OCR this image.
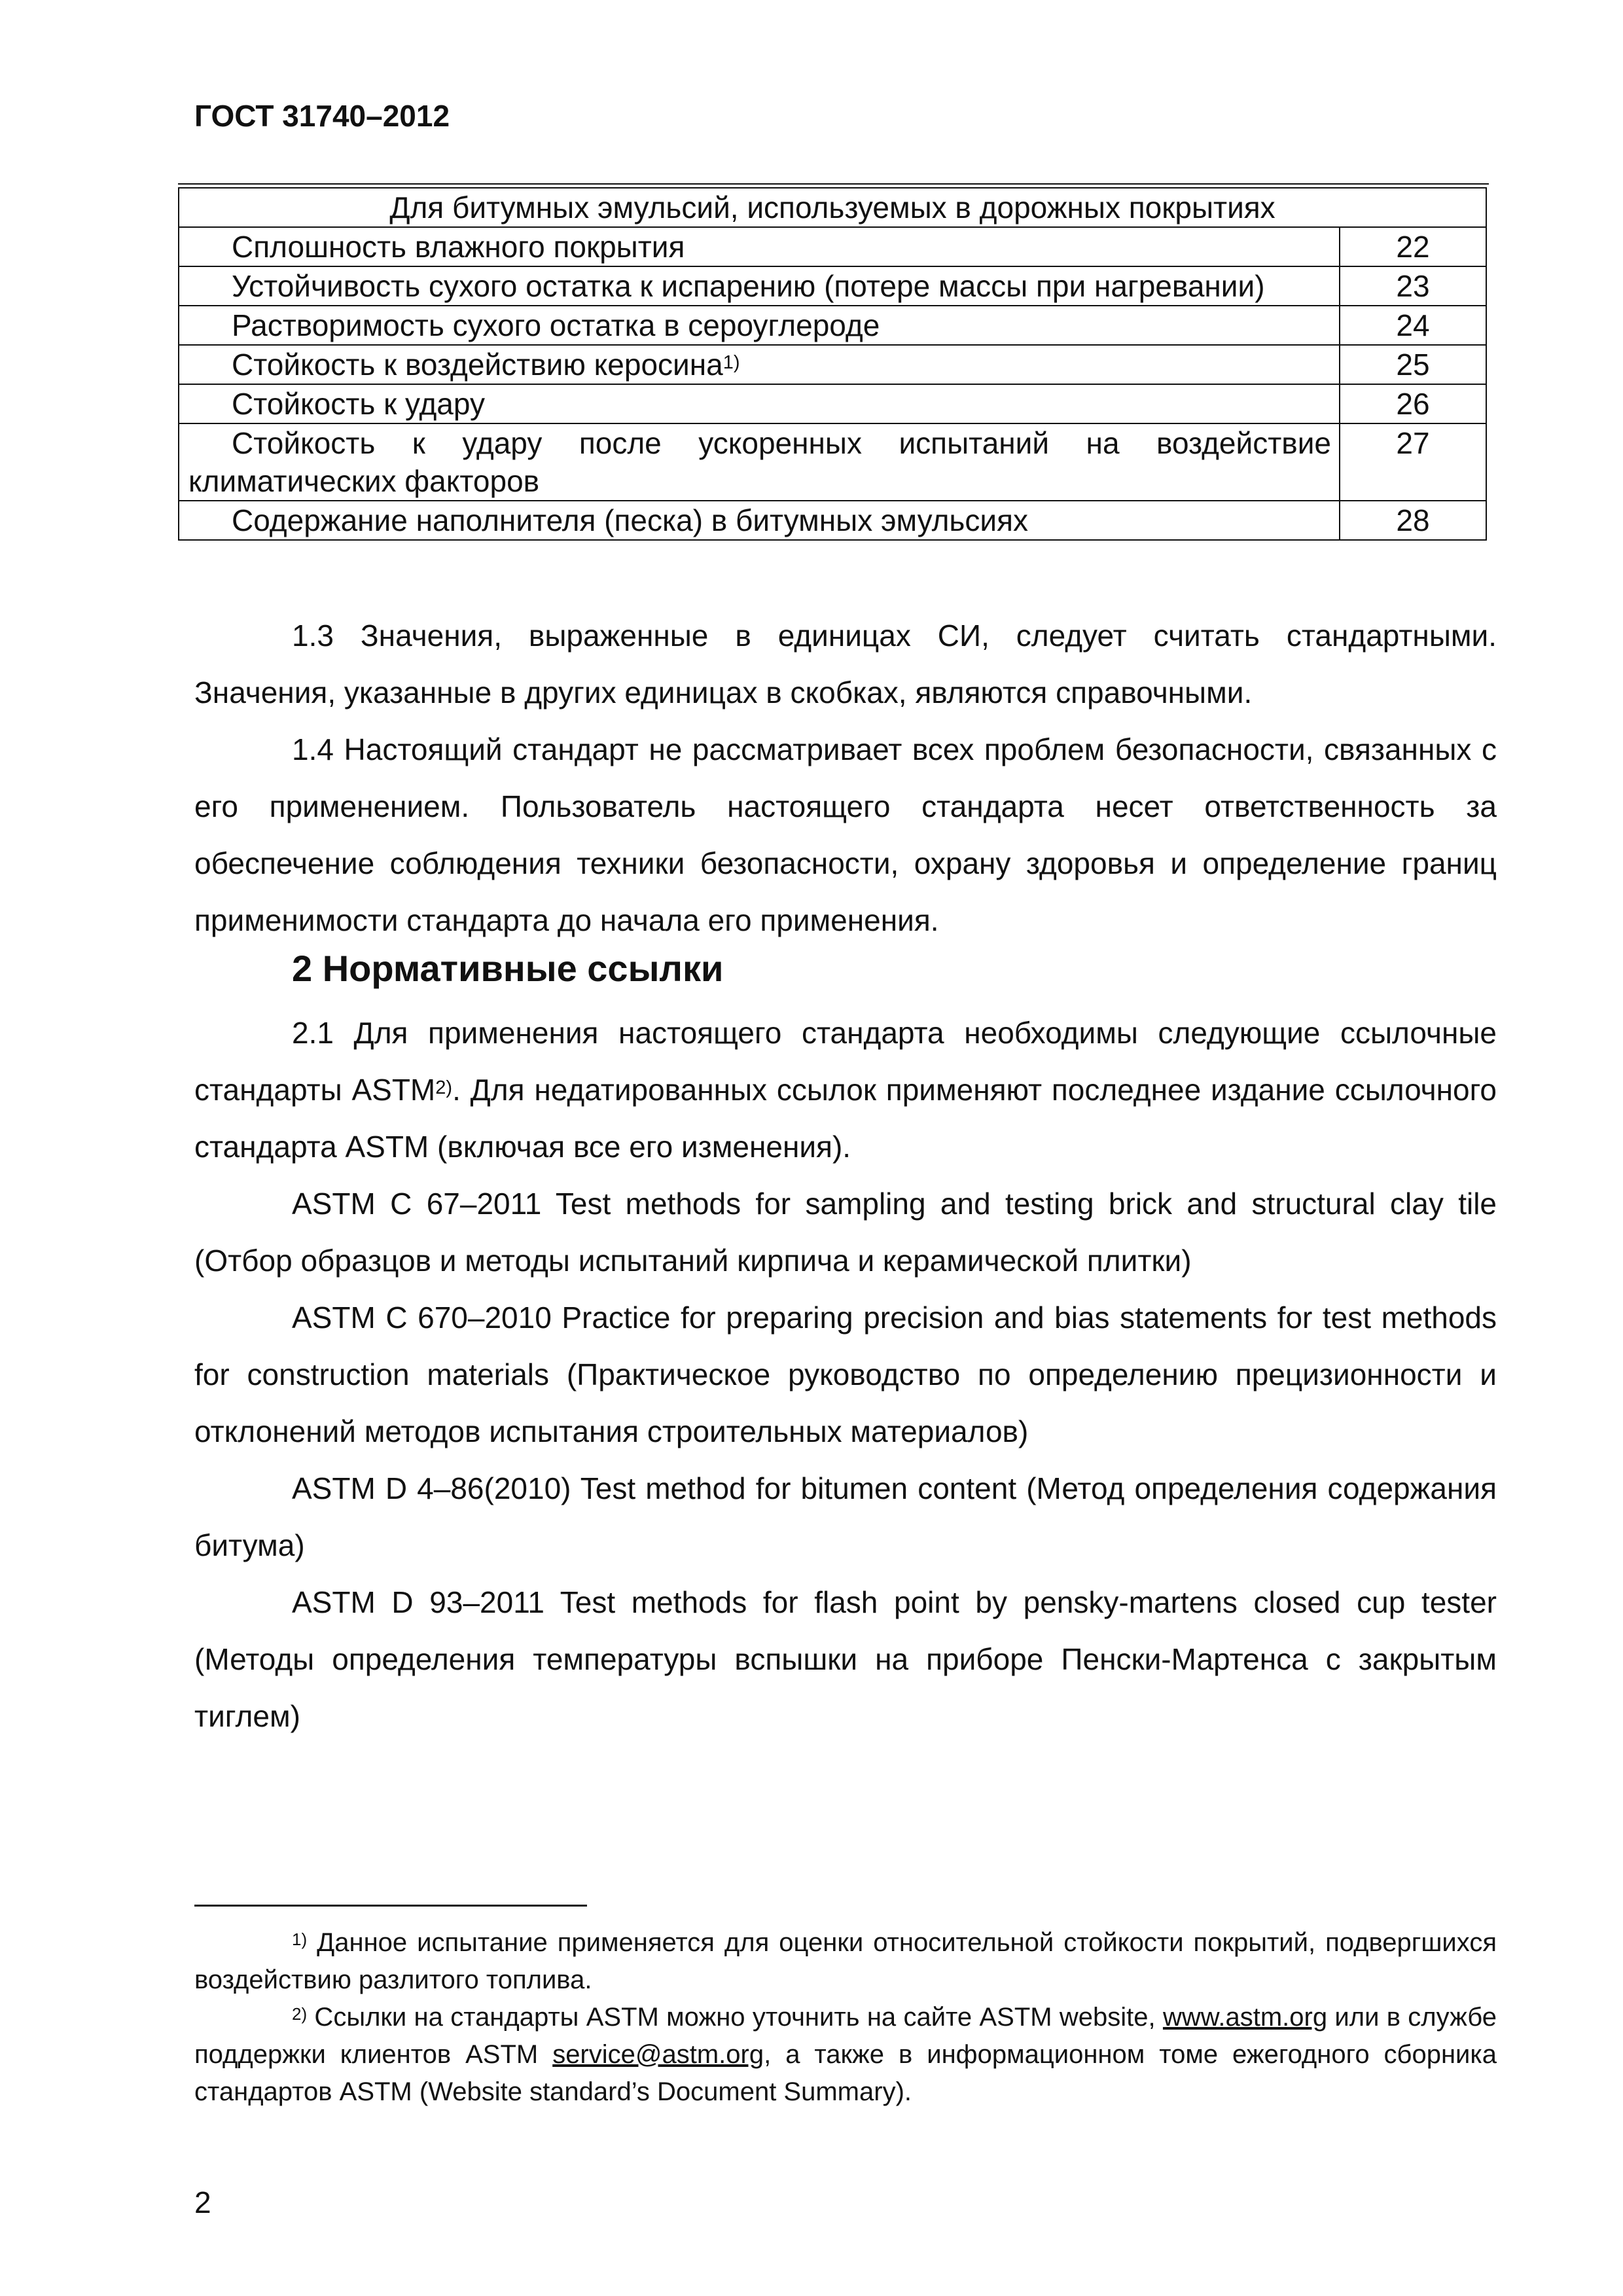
ГОСТ 31740–2012
Для битумных эмульсий, используемых в дорожных покрытиях	
Сплошность влажного покрытия	22
Устойчивость сухого остатка к испарению (потере массы при нагревании)	23
Растворимость сухого остатка в сероуглероде	24
Стойкость к воздействию керосина$^{1)}$	25
Стойкость к удару	26
Стойкость к удару после ускоренных испытаний на воздействие климатических факторов	27
Содержание наполнителя (песка) в битумных эмульсиях	28

1.3 Значения, выраженные в единицах СИ, следует считать стандартными. Значения, указанные в других единицах в скобках, являются справочными.

1.4 Настоящий стандарт не рассматривает всех проблем безопасности, связанных с его применением. Пользователь настоящего стандарта несет ответственность за обеспечение соблюдения техники безопасности, охрану здоровья и определение границ применимости стандарта до начала его применения.

2 Нормативные ссылки

2.1 Для применения настоящего стандарта необходимы следующие ссылочные стандарты ASTM$^{2)}$. Для недатированных ссылок применяют последнее издание ссылочного стандарта ASTM (включая все его изменения).

ASTM C 67–2011 Test methods for sampling and testing brick and structural clay tile (Отбор образцов и методы испытаний кирпича и керамической плитки)

ASTM C 670–2010 Practice for preparing precision and bias statements for test methods for construction materials (Практическое руководство по определению прецизионности и отклонений методов испытания строительных материалов)

ASTM D 4–86(2010) Test method for bitumen content (Метод определения содержания битума)

ASTM D 93–2011 Test methods for flash point by pensky-martens closed cup tester (Методы определения температуры вспышки на приборе Пенски-Мартенса с закрытым тиглем)

$^{1)}$ Данное испытание применяется для оценки относительной стойкости покрытий, подвергшихся воздействию разлитого топлива.

$^{2)}$ Ссылки на стандарты ASTM можно уточнить на сайте ASTM website, www.astm.org или в службе поддержки клиентов ASTM service@astm.org, а также в информационном томе ежегодного сборника стандартов ASTM (Website standard’s Document Summary).

2
